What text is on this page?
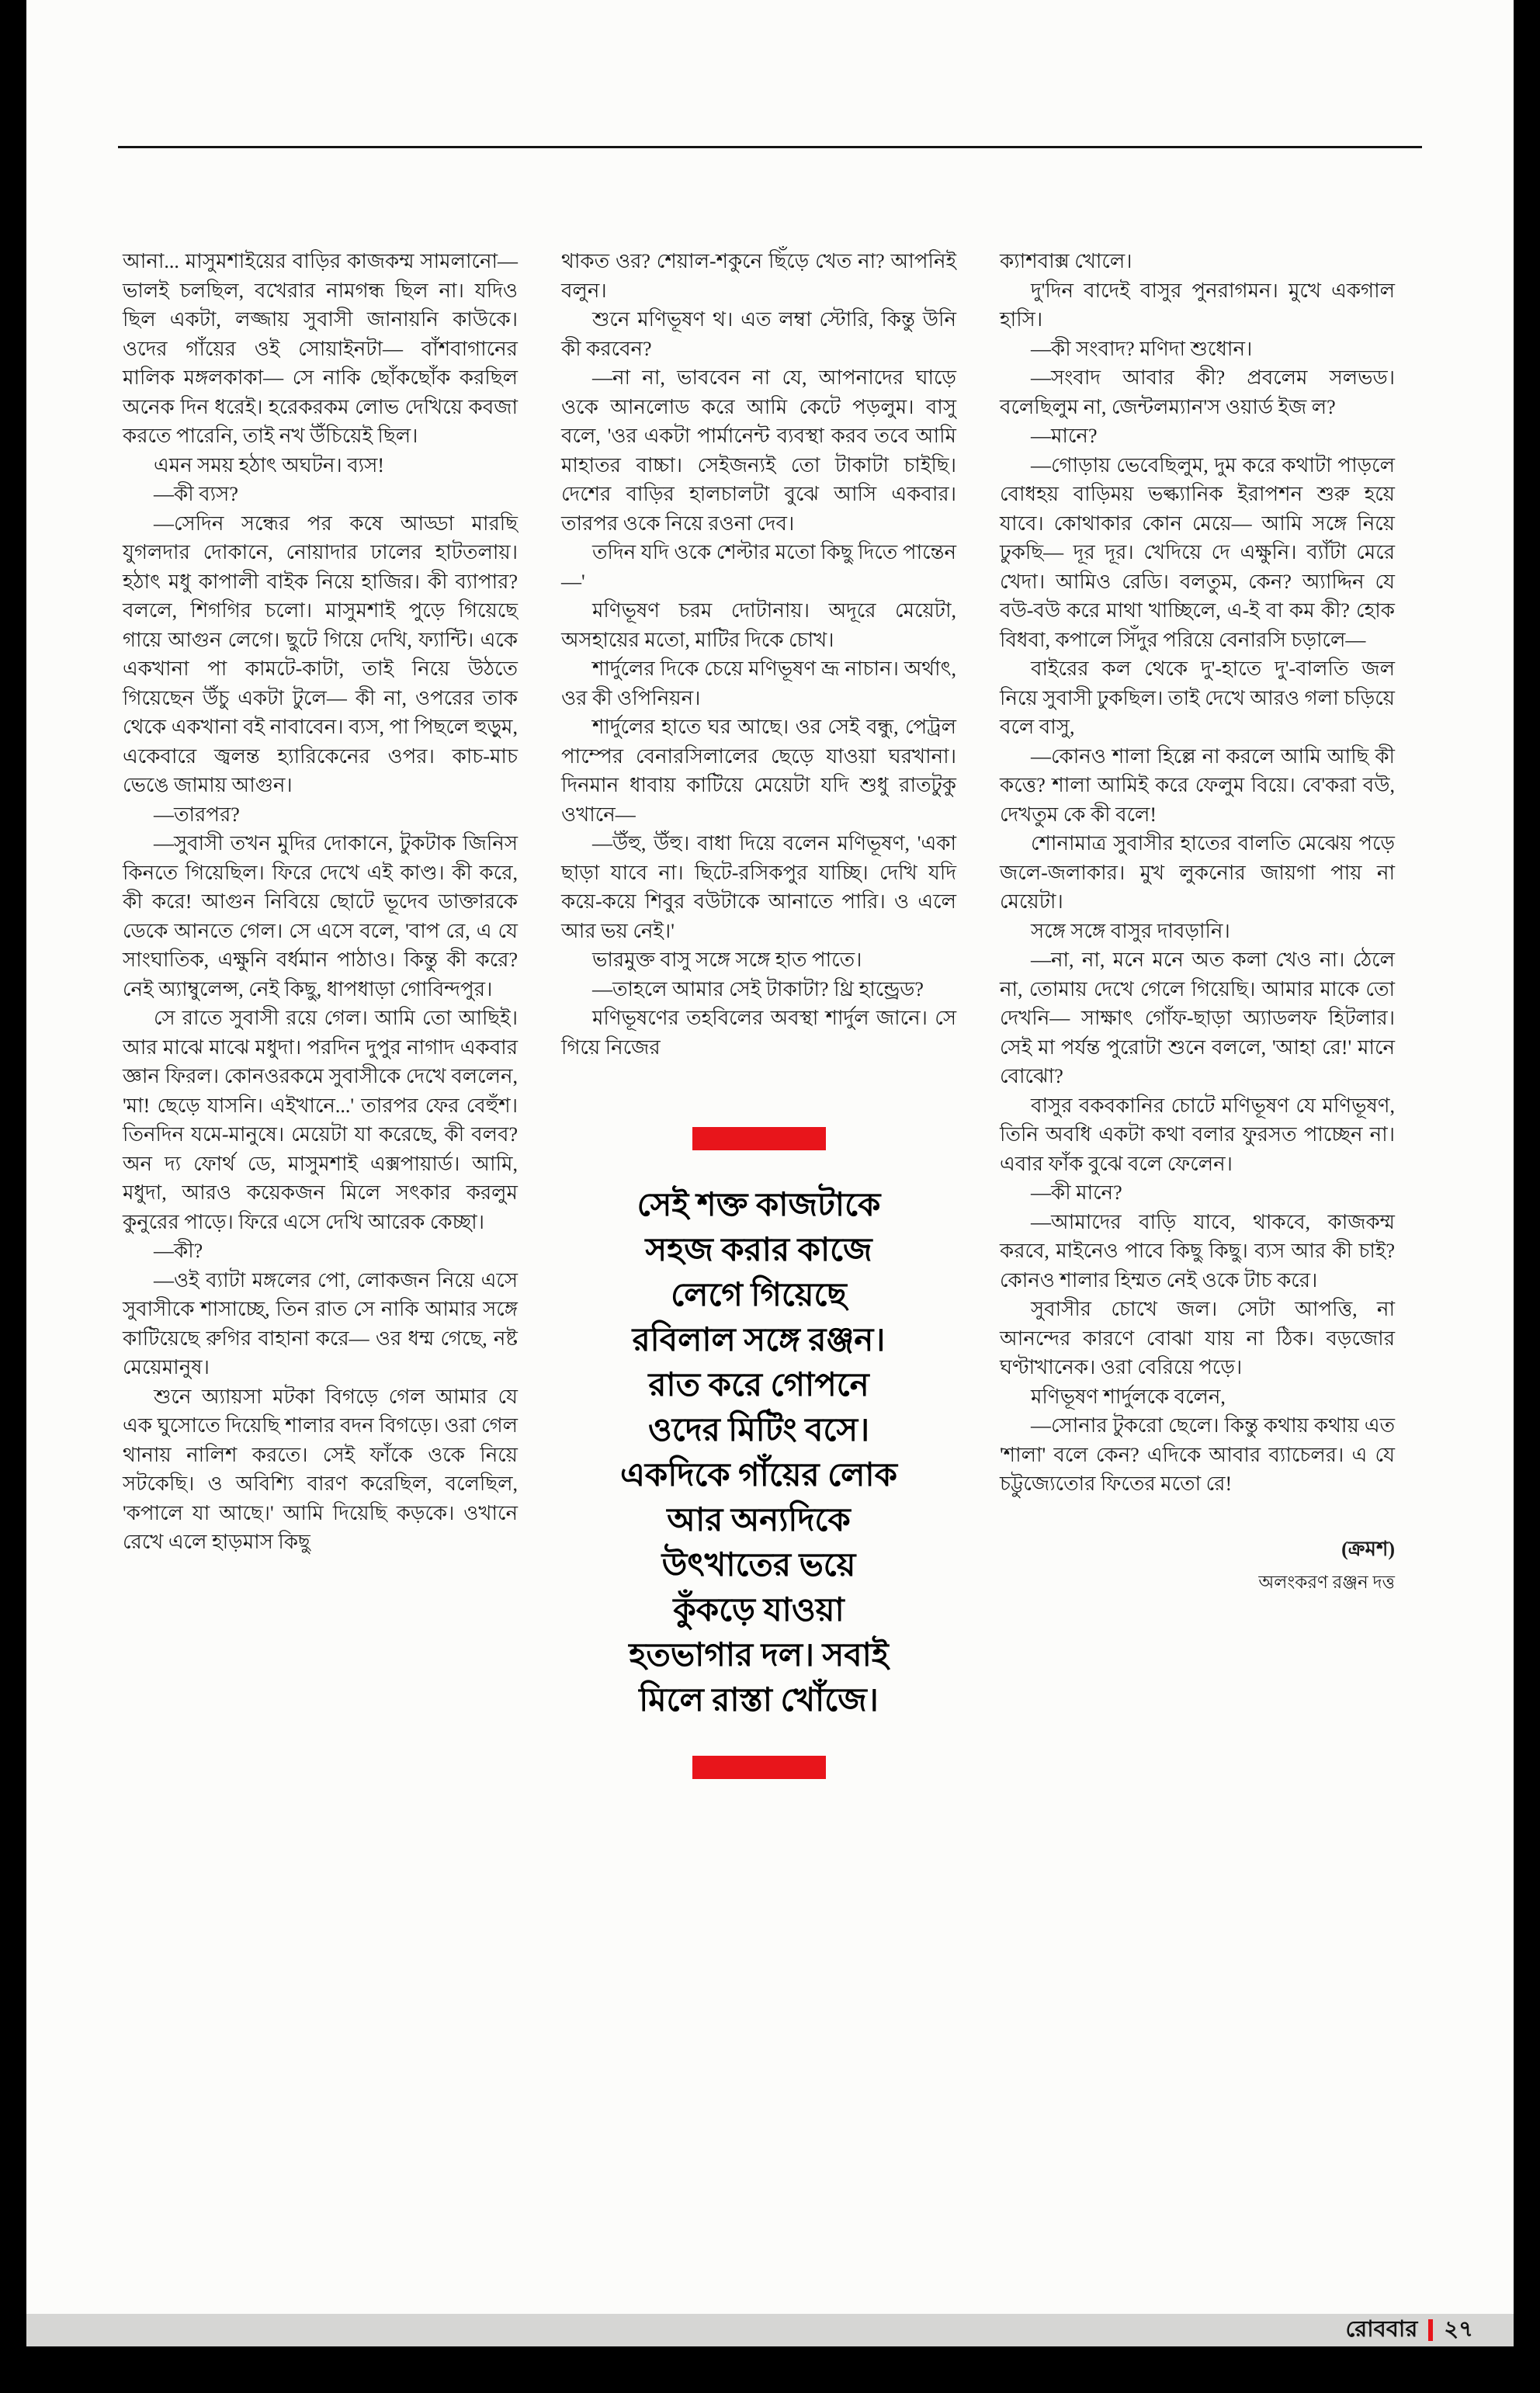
আনা... মাসুমশাইয়ের বাড়ির কাজকম্ম সামলানো— ভালই চলছিল, বখেরার নামগন্ধ ছিল না। যদিও ছিল একটা, লজ্জায় সুবাসী জানায়নি কাউকে। ওদের গাঁয়ের ওই সোয়াইনটা— বাঁশবাগানের মালিক মঙ্গলকাকা— সে নাকি ছোঁকছোঁক করছিল অনেক দিন ধরেই। হরেকরকম লোভ দেখিয়ে কবজা করতে পারেনি, তাই নখ উঁচিয়েই ছিল।

এমন সময় হঠাৎ অঘটন। ব্যস!

—কী ব্যস?

—সেদিন সন্ধের পর কষে আড্ডা মারছি যুগলদার দোকানে, নোয়াদার ঢালের হাটতলায়। হঠাৎ মধু কাপালী বাইক নিয়ে হাজির। কী ব্যাপার? বললে, শিগগির চলো। মাসুমশাই পুড়ে গিয়েছে গায়ে আগুন লেগে। ছুটে গিয়ে দেখি, ফ্যান্টি। একে একখানা পা কামটে-কাটা, তাই নিয়ে উঠতে গিয়েছেন উঁচু একটা টুলে— কী না, ওপরের তাক থেকে একখানা বই নাবাবেন। ব্যস, পা পিছলে হুড়ুম, একেবারে জ্বলন্ত হ্যারিকেনের ওপর। কাচ-মাচ ভেঙে জামায় আগুন।

—তারপর?

—সুবাসী তখন মুদির দোকানে, টুকটাক জিনিস কিনতে গিয়েছিল। ফিরে দেখে এই কাণ্ড। কী করে, কী করে! আগুন নিবিয়ে ছোটে ভূদেব ডাক্তারকে ডেকে আনতে গেল। সে এসে বলে, 'বাপ রে, এ যে সাংঘাতিক, এক্ষুনি বর্ধমান পাঠাও। কিন্তু কী করে? নেই অ্যাম্বুলেন্স, নেই কিছু, ধাপধাড়া গোবিন্দপুর।

সে রাতে সুবাসী রয়ে গেল। আমি তো আছিই। আর মাঝে মাঝে মধুদা। পরদিন দুপুর নাগাদ একবার জ্ঞান ফিরল। কোনওরকমে সুবাসীকে দেখে বললেন, 'মা! ছেড়ে যাসনি। এইখানে...' তারপর ফের বেহুঁশ। তিনদিন যমে-মানুষে। মেয়েটা যা করেছে, কী বলব? অন দ্য ফোর্থ ডে, মাসুমশাই এক্সপায়ার্ড। আমি, মধুদা, আরও কয়েকজন মিলে সৎকার করলুম কুনুরের পাড়ে। ফিরে এসে দেখি আরেক কেচ্ছা।

—কী?

—ওই ব্যাটা মঙ্গলের পো, লোকজন নিয়ে এসে সুবাসীকে শাসাচ্ছে, তিন রাত সে নাকি আমার সঙ্গে কাটিয়েছে রুগির বাহানা করে— ওর ধম্ম গেছে, নষ্ট মেয়েমানুষ।

শুনে অ্যায়সা মটকা বিগড়ে গেল আমার যে এক ঘুসোতে দিয়েছি শালার বদন বিগড়ে। ওরা গেল থানায় নালিশ করতে। সেই ফাঁকে ওকে নিয়ে সটকেছি। ও অবিশ্যি বারণ করেছিল, বলেছিল, 'কপালে যা আছে।' আমি দিয়েছি কড়কে। ওখানে রেখে এলে হাড়মাস কিছু

থাকত ওর? শেয়াল-শকুনে ছিঁড়ে খেত না? আপনিই বলুন।

শুনে মণিভূষণ থ। এত লম্বা স্টোরি, কিন্তু উনি কী করবেন?

—না না, ভাববেন না যে, আপনাদের ঘাড়ে ওকে আনলোড করে আমি কেটে পড়লুম। বাসু বলে, 'ওর একটা পার্মানেন্ট ব্যবস্থা করব তবে আমি মাহাতর বাচ্চা। সেইজন্যই তো টাকাটা চাইছি। দেশের বাড়ির হালচালটা বুঝে আসি একবার। তারপর ওকে নিয়ে রওনা দেব।

তদিন যদি ওকে শেল্টার মতো কিছু দিতে পান্তেন—'

মণিভূষণ চরম দোটানায়। অদূরে মেয়েটা, অসহায়ের মতো, মাটির দিকে চোখ।

শার্দুলের দিকে চেয়ে মণিভূষণ ভ্রূ নাচান। অর্থাৎ, ওর কী ওপিনিয়ন।

শার্দুলের হাতে ঘর আছে। ওর সেই বন্ধু, পেট্রল পাম্পের বেনারসিলালের ছেড়ে যাওয়া ঘরখানা। দিনমান ধাবায় কাটিয়ে মেয়েটা যদি শুধু রাতটুকু ওখানে—

—উঁহু, উঁহু। বাধা দিয়ে বলেন মণিভূষণ, 'একা ছাড়া যাবে না। ছিটে-রসিকপুর যাচ্ছি। দেখি যদি কয়ে-কয়ে শিবুর বউটাকে আনাতে পারি। ও এলে আর ভয় নেই।'

ভারমুক্ত বাসু সঙ্গে সঙ্গে হাত পাতে।

—তাহলে আমার সেই টাকাটা? থ্রি হান্ড্রেড?

মণিভূষণের তহবিলের অবস্থা শার্দুল জানে। সে গিয়ে নিজের

সেই শক্ত কাজটাকে
সহজ করার কাজে
লেগে গিয়েছে
রবিলাল সঙ্গে রঞ্জন।
রাত করে গোপনে
ওদের মিটিং বসে।
একদিকে গাঁয়ের লোক
আর অন্যদিকে
উৎখাতের ভয়ে
কুঁকড়ে যাওয়া
হতভাগার দল। সবাই
মিলে রাস্তা খোঁজে।

ক্যাশবাক্স খোলে।

দু'দিন বাদেই বাসুর পুনরাগমন। মুখে একগাল হাসি।

—কী সংবাদ? মণিদা শুধোন।

—সংবাদ আবার কী? প্রবলেম সলভড। বলেছিলুম না, জেন্টলম্যান'স ওয়ার্ড ইজ ল?

—মানে?

—গোড়ায় ভেবেছিলুম, দুম করে কথাটা পাড়লে বোধহয় বাড়িময় ভল্ক্যানিক ইরাপশন শুরু হয়ে যাবে। কোথাকার কোন মেয়ে— আমি সঙ্গে নিয়ে ঢুকছি— দূর দূর। খেদিয়ে দে এক্ষুনি। ব্যাঁটা মেরে খেদা। আমিও রেডি। বলতুম, কেন? অ্যাদ্দিন যে বউ-বউ করে মাথা খাচ্ছিলে, এ-ই বা কম কী? হোক বিধবা, কপালে সিঁদুর পরিয়ে বেনারসি চড়ালে—

বাইরের কল থেকে দু'-হাতে দু'-বালতি জল নিয়ে সুবাসী ঢুকছিল। তাই দেখে আরও গলা চড়িয়ে বলে বাসু,

—কোনও শালা হিল্লে না করলে আমি আছি কী কত্তে? শালা আমিই করে ফেলুম বিয়ে। বে'করা বউ, দেখতুম কে কী বলে!

শোনামাত্র সুবাসীর হাতের বালতি মেঝেয় পড়ে জলে-জলাকার। মুখ লুকনোর জায়গা পায় না মেয়েটা।

সঙ্গে সঙ্গে বাসুর দাবড়ানি।

—না, না, মনে মনে অত কলা খেও না। ঠেলে না, তোমায় দেখে গেলে গিয়েছি। আমার মাকে তো দেখনি— সাক্ষাৎ গোঁফ-ছাড়া অ্যাডলফ হিটলার। সেই মা পর্যন্ত পুরোটা শুনে বললে, 'আহা রে!' মানে বোঝো?

বাসুর বকবকানির চোটে মণিভূষণ যে মণিভূষণ, তিনি অবধি একটা কথা বলার ফুরসত পাচ্ছেন না। এবার ফাঁক বুঝে বলে ফেলেন।

—কী মানে?

—আমাদের বাড়ি যাবে, থাকবে, কাজকম্ম করবে, মাইনেও পাবে কিছু কিছু। ব্যস আর কী চাই? কোনও শালার হিম্মত নেই ওকে টাচ করে।

সুবাসীর চোখে জল। সেটা আপত্তি, না আনন্দের কারণে বোঝা যায় না ঠিক। বড়জোর ঘণ্টাখানেক। ওরা বেরিয়ে পড়ে।

মণিভূষণ শার্দুলকে বলেন,

—সোনার টুকরো ছেলে। কিন্তু কথায় কথায় এত 'শালা' বলে কেন? এদিকে আবার ব্যাচেলর। এ যে চট্টুজ্যেতোর ফিতের মতো রে!

(ক্রমশ)
অলংকরণ রঞ্জন দত্ত
রোববার ২৭
